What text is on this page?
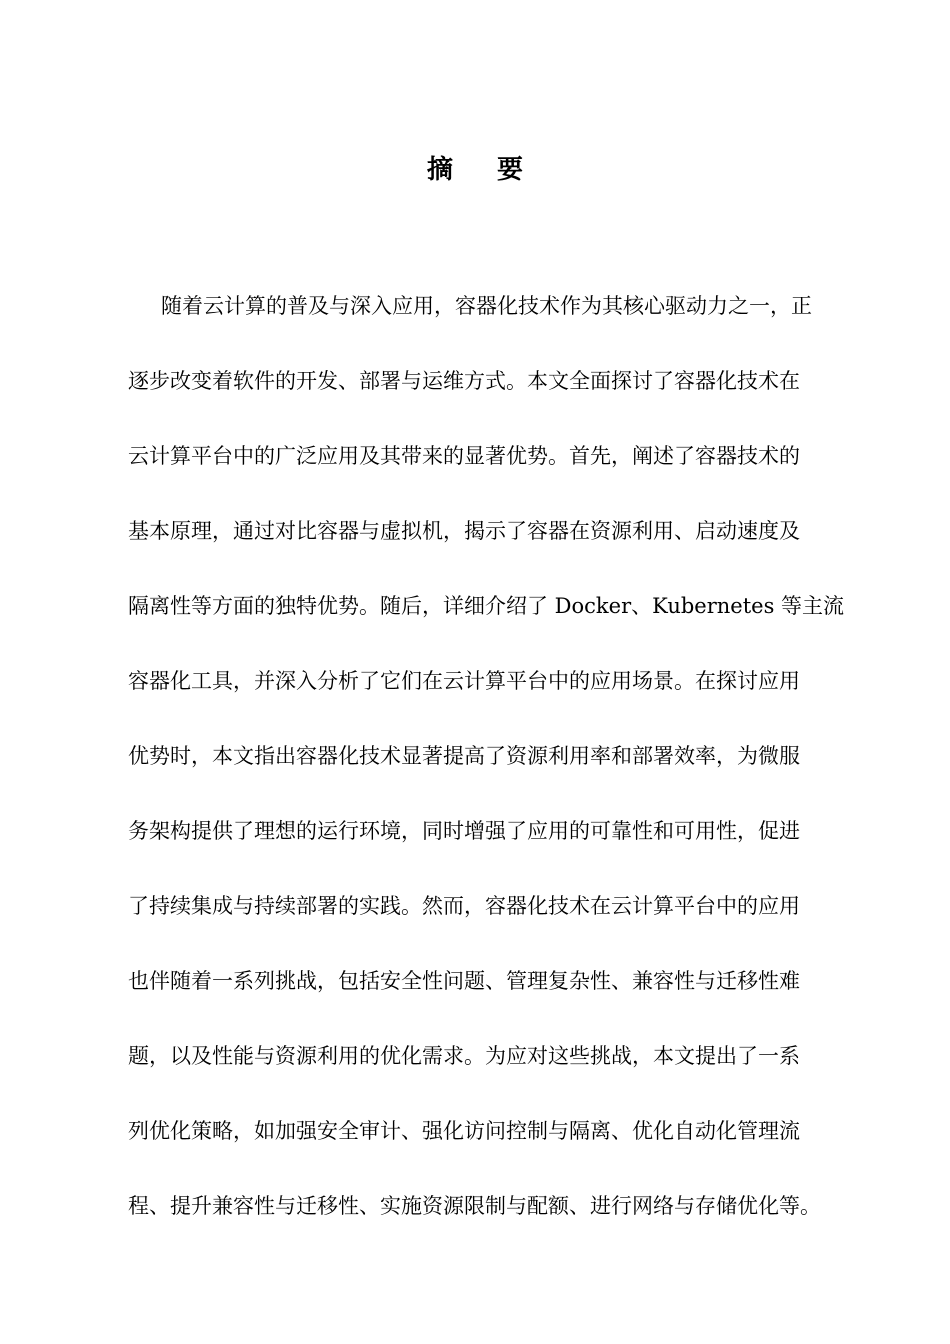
摘 要
随着云计算的普及与深入应用，容器化技术作为其核心驱动力之一，正
逐步改变着软件的开发、部署与运维方式。本文全面探讨了容器化技术在
云计算平台中的广泛应用及其带来的显著优势。首先，阐述了容器技术的
基本原理，通过对比容器与虚拟机，揭示了容器在资源利用、启动速度及
隔离性等方面的独特优势。随后，详细介绍了 Docker、Kubernetes 等主流
容器化工具，并深入分析了它们在云计算平台中的应用场景。在探讨应用
优势时，本文指出容器化技术显著提高了资源利用率和部署效率，为微服
务架构提供了理想的运行环境，同时增强了应用的可靠性和可用性，促进
了持续集成与持续部署的实践。然而，容器化技术在云计算平台中的应用
也伴随着一系列挑战，包括安全性问题、管理复杂性、兼容性与迁移性难
题，以及性能与资源利用的优化需求。为应对这些挑战，本文提出了一系
列优化策略，如加强安全审计、强化访问控制与隔离、优化自动化管理流
程、提升兼容性与迁移性、实施资源限制与配额、进行网络与存储优化等。
